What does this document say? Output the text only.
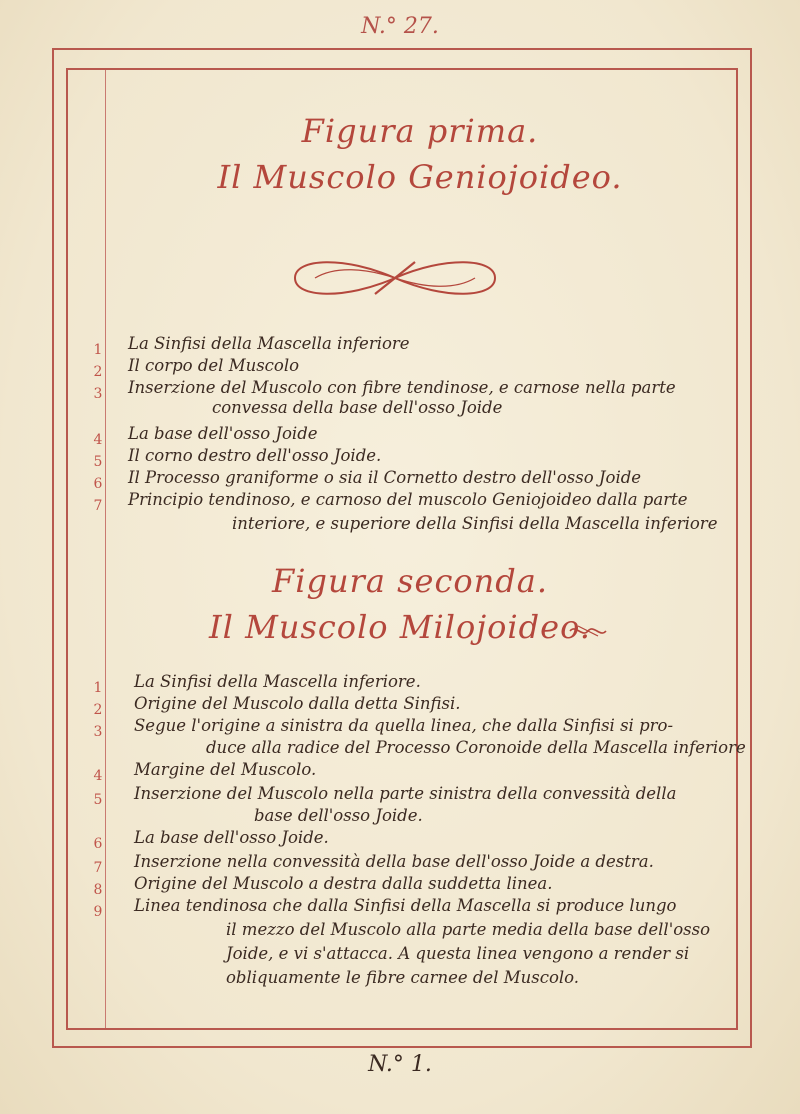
N.° 27.
Figura prima.
Il Muscolo Geniojoideo.
1	La Sinfisi della Mascella inferiore
2	Il corpo del Muscolo
3	Inserzione del Muscolo con fibre tendinose, e carnose nella parte
convessa della base dell'osso Joide
4	La base dell'osso Joide
5	Il corno destro dell'osso Joide.
6	Il Processo graniforme o sia il Cornetto destro dell'osso Joide
7	Principio tendinoso, e carnoso del muscolo Geniojoideo dalla parte
interiore, e superiore della Sinfisi della Mascella inferiore
Figura seconda.
Il Muscolo Milojoideo.
1	La Sinfisi della Mascella inferiore.
2	Origine del Muscolo dalla detta Sinfisi.
3	Segue l'origine a sinistra da quella linea, che dalla Sinfisi si pro-
duce alla radice del Processo Coronoide della Mascella inferiore
4	Margine del Muscolo.
5	Inserzione del Muscolo nella parte sinistra della convessità della
base dell'osso Joide.
6	La base dell'osso Joide.
7	Inserzione nella convessità della base dell'osso Joide a destra.
8	Origine del Muscolo a destra dalla suddetta linea.
9	Linea tendinosa che dalla Sinfisi della Mascella si produce lungo
il mezzo del Muscolo alla parte media della base dell'osso
Joide, e vi s'attacca. A questa linea vengono a render si
obliquamente le fibre carnee del Muscolo.
N.° 1.
